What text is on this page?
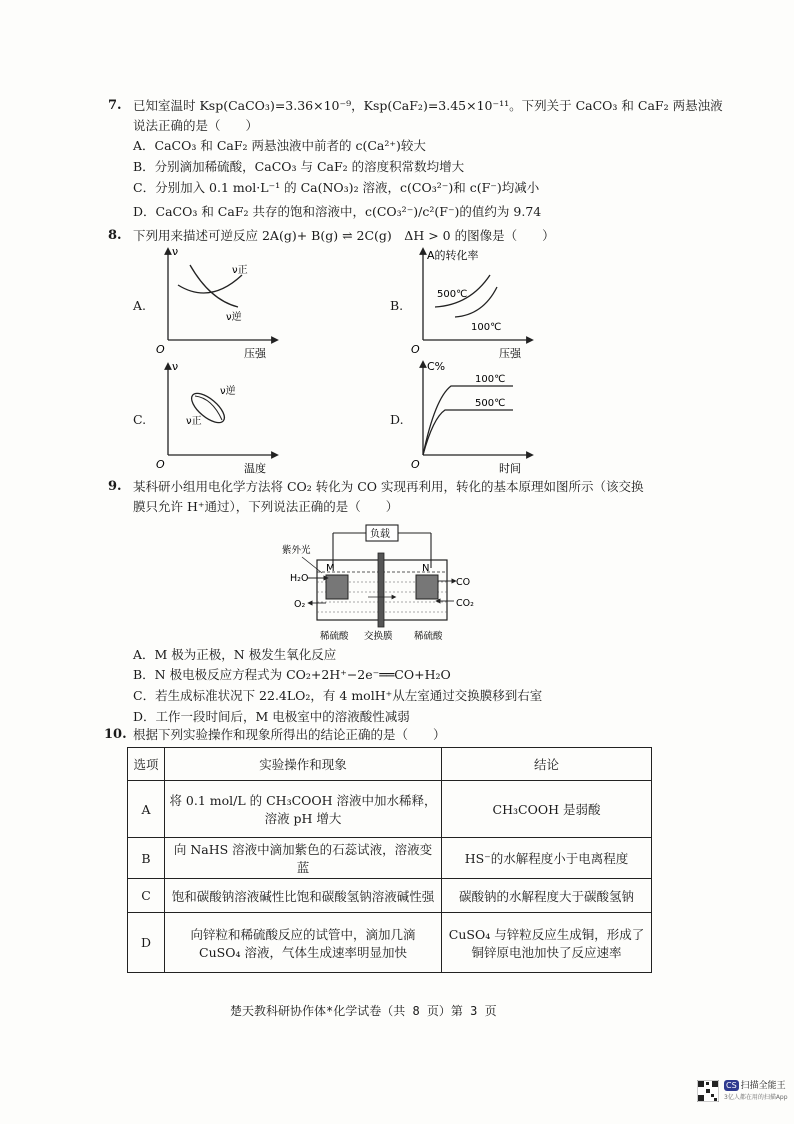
7. 已知室温时 Ksp(CaCO₃)=3.36×10⁻⁹，Ksp(CaF₂)=3.45×10⁻¹¹。下列关于 CaCO₃ 和 CaF₂ 两悬浊液
说法正确的是（　　）
A．CaCO₃ 和 CaF₂ 两悬浊液中前者的 c(Ca²⁺)较大
B．分别滴加稀硫酸，CaCO₃ 与 CaF₂ 的溶度积常数均增大
C．分别加入 0.1 mol·L⁻¹ 的 Ca(NO₃)₂ 溶液，c(CO₃²⁻)和 c(F⁻)均减小
D．CaCO₃ 和 CaF₂ 共存的饱和溶液中，c(CO₃²⁻)/c²(F⁻)的值约为 9.74
8. 下列用来描述可逆反应 2A(g)+ B(g) ⇌ 2C(g)　ΔH > 0 的图像是（　　）
A.
ν
ν正
ν逆
O	压强
B.
A的转化率
500℃
100℃
O	压强
C.
ν
ν逆
ν正
O	温度
D.
C%
100℃
500℃
O	时间
9. 某科研小组用电化学方法将 CO₂ 转化为 CO 实现再利用，转化的基本原理如图所示（该交换
膜只允许 H⁺通过），下列说法正确的是（　　）
负载
M	N
紫外光
H₂O
O₂
CO
CO₂
稀硫酸 交换膜 稀硫酸
A．M 极为正极，N 极发生氧化反应
B．N 极电极反应方程式为 CO₂+2H⁺−2e⁻══CO+H₂O
C．若生成标准状况下 22.4LO₂，有 4 molH⁺从左室通过交换膜移到右室
D．工作一段时间后，M 电极室中的溶液酸性减弱
10. 根据下列实验操作和现象所得出的结论正确的是（　　）
选项	实验操作和现象	结论
A	将 0.1 mol/L 的 CH₃COOH 溶液中加水稀释，溶液 pH 增大	CH₃COOH 是弱酸
B	向 NaHS 溶液中滴加紫色的石蕊试液，溶液变蓝	HS⁻的水解程度小于电离程度
C	饱和碳酸钠溶液碱性比饱和碳酸氢钠溶液碱性强	碳酸钠的水解程度大于碳酸氢钠
D	向锌粒和稀硫酸反应的试管中，滴加几滴 CuSO₄ 溶液，气体生成速率明显加快	CuSO₄ 与锌粒反应生成铜，形成了铜锌原电池加快了反应速率
楚天教科研协作体*化学试卷（共 8 页）第 3 页
CS 扫描全能王
3亿人都在用的扫描App
